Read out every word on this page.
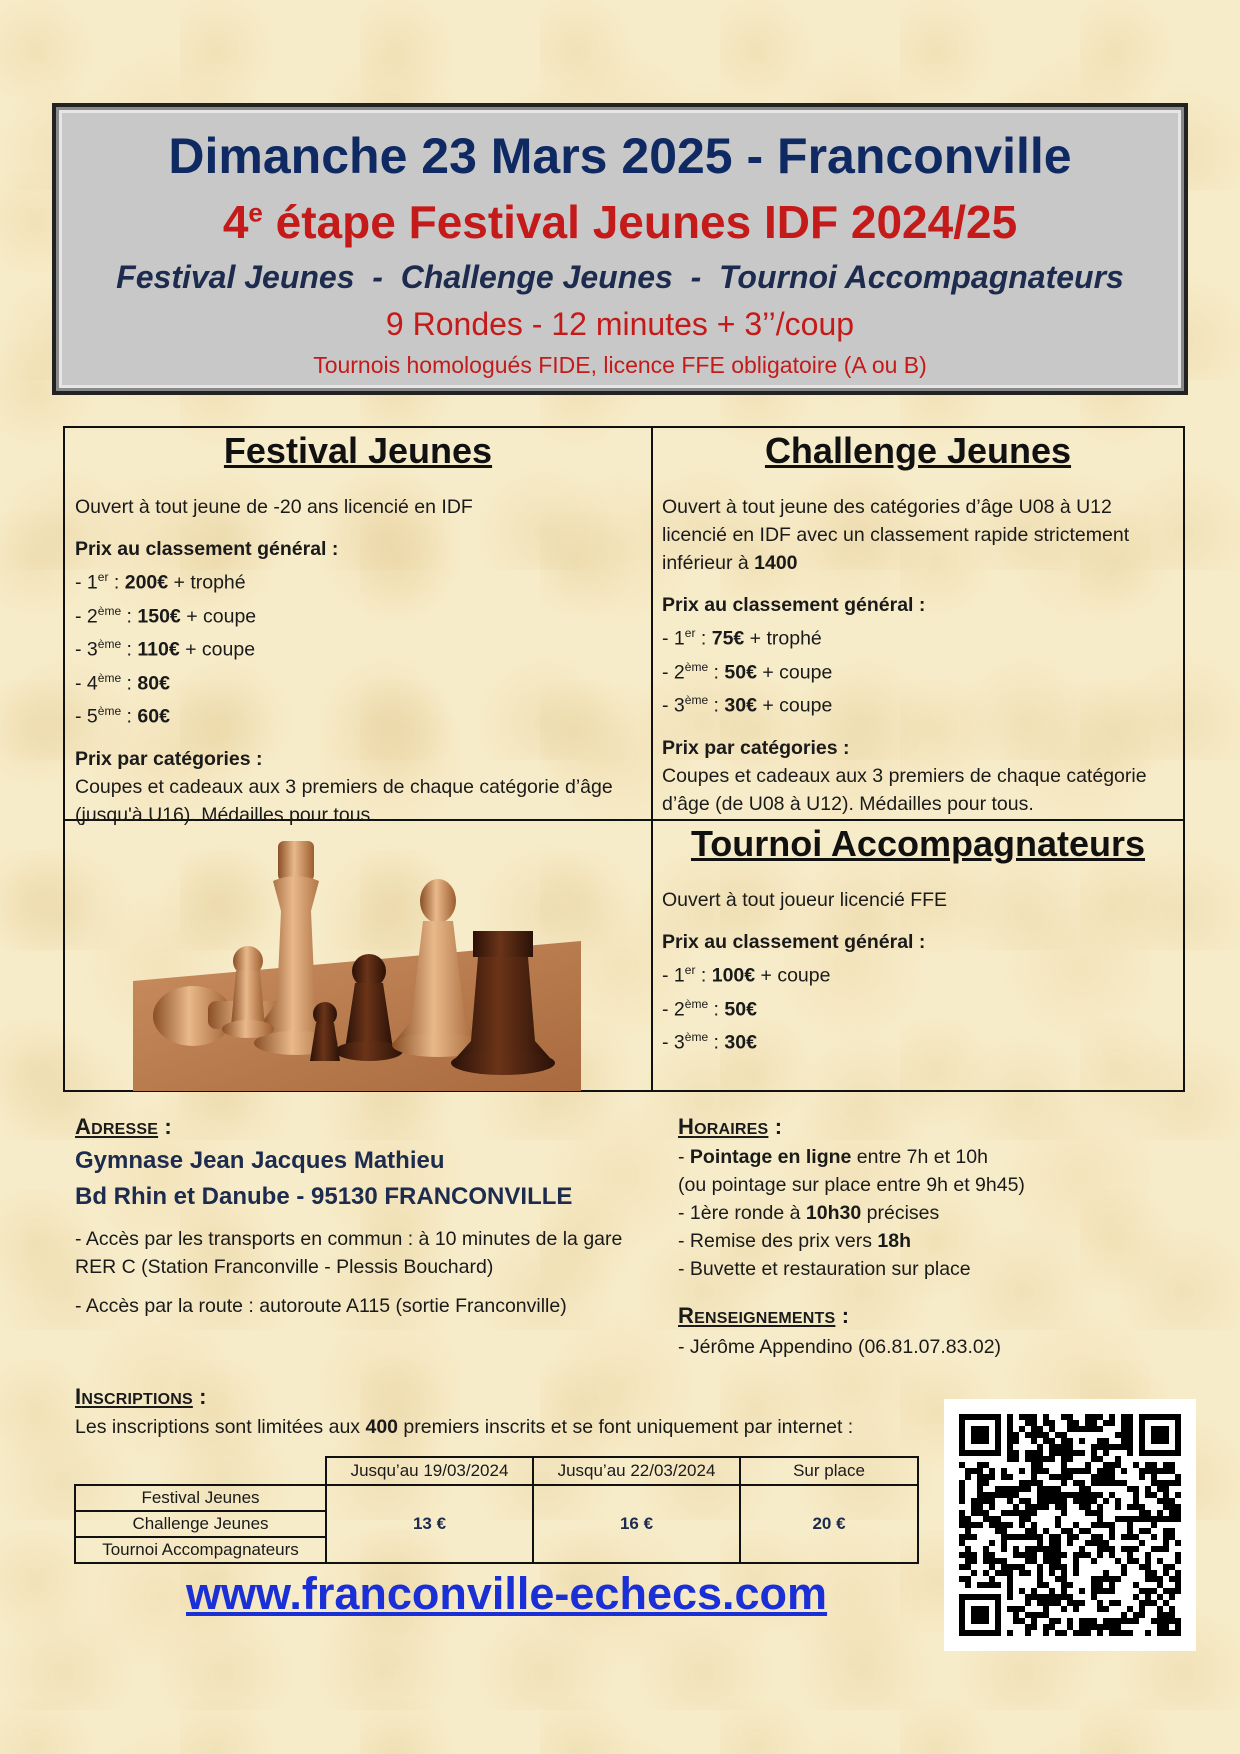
Dimanche 23 Mars 2025 - Franconville
4e étape Festival Jeunes IDF 2024/25
Festival Jeunes  -  Challenge Jeunes  -  Tournoi Accompagnateurs
9 Rondes - 12 minutes + 3’’/coup
Tournois homologués FIDE, licence FFE obligatoire (A ou B)
Festival Jeunes
Ouvert à tout jeune de -20 ans licencié en IDF
Prix au classement général :
- 1er : 200€ + trophé
- 2ème : 150€ + coupe
- 3ème : 110€ + coupe
- 4ème : 80€
- 5ème : 60€
Prix par catégories :
Coupes et cadeaux aux 3 premiers de chaque catégorie d’âge (jusqu'à U16). Médailles pour tous.
Challenge Jeunes
Ouvert à tout jeune des catégories d’âge U08 à U12 licencié en IDF avec un classement rapide strictement inférieur à 1400
Prix au classement général :
- 1er : 75€ + trophé
- 2ème : 50€ + coupe
- 3ème : 30€ + coupe
Prix par catégories :
Coupes et cadeaux aux 3 premiers de chaque catégorie d’âge (de U08 à U12). Médailles pour tous.
Tournoi Accompagnateurs
Ouvert à tout joueur licencié FFE
Prix au classement général :
- 1er : 100€ + coupe
- 2ème : 50€
- 3ème : 30€
ADRESSE :
Gymnase Jean Jacques Mathieu
Bd Rhin et Danube - 95130 FRANCONVILLE
- Accès par les transports en commun : à 10 minutes de la gare RER C (Station Franconville - Plessis Bouchard)
- Accès par la route : autoroute A115 (sortie Franconville)
HORAIRES :
- Pointage en ligne entre 7h et 10h
(ou pointage sur place entre 9h et 9h45)
- 1ère ronde à 10h30 précises
- Remise des prix vers 18h
- Buvette et restauration sur place
RENSEIGNEMENTS :
- Jérôme Appendino (06.81.07.83.02)
INSCRIPTIONS :
Les inscriptions sont limitées aux 400 premiers inscrits et se font uniquement par internet :
	Jusqu’au 19/03/2024	Jusqu’au 22/03/2024	Sur place
Festival Jeunes	13 €	16 €	20 €
Challenge Jeunes			
Tournoi Accompagnateurs			
www.franconville-echecs.com
